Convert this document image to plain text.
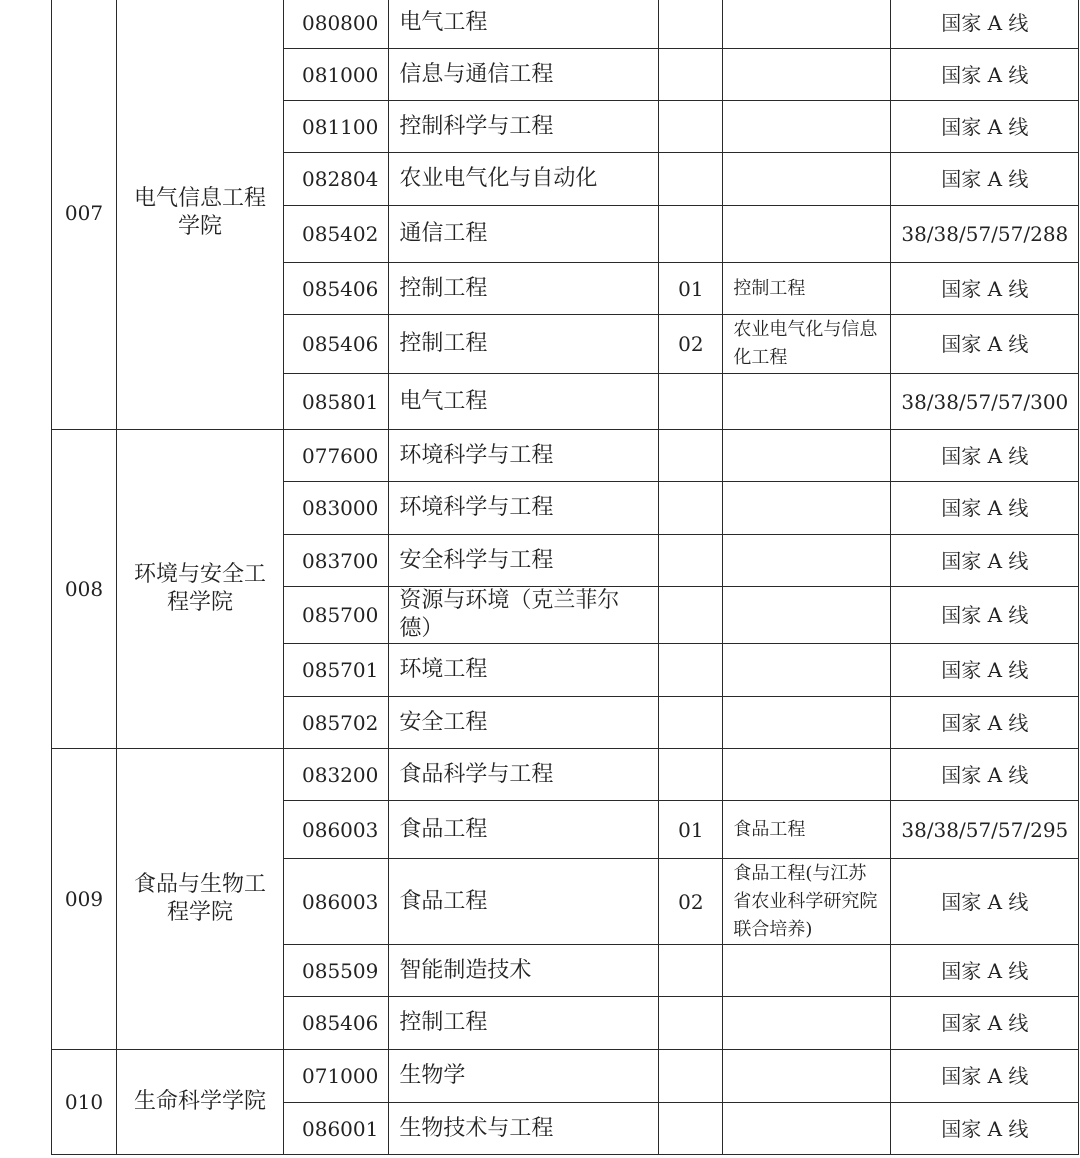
007	电气信息工程学院	080800	电气工程			国家 A 线
		081000	信息与通信工程			国家 A 线
		081100	控制科学与工程			国家 A 线
		082804	农业电气化与自动化			国家 A 线
		085402	通信工程			38/38/57/57/288
		085406	控制工程	01	控制工程	国家 A 线
		085406	控制工程	02	农业电气化与信息化工程	国家 A 线
		085801	电气工程			38/38/57/57/300
008	环境与安全工程学院	077600	环境科学与工程			国家 A 线
		083000	环境科学与工程			国家 A 线
		083700	安全科学与工程			国家 A 线
		085700	资源与环境（克兰菲尔德）			国家 A 线
		085701	环境工程			国家 A 线
		085702	安全工程			国家 A 线
009	食品与生物工程学院	083200	食品科学与工程			国家 A 线
		086003	食品工程	01	食品工程	38/38/57/57/295
		086003	食品工程	02	食品工程(与江苏省农业科学研究院联合培养)	国家 A 线
		085509	智能制造技术			国家 A 线
		085406	控制工程			国家 A 线
010	生命科学学院	071000	生物学			国家 A 线
		086001	生物技术与工程			国家 A 线
